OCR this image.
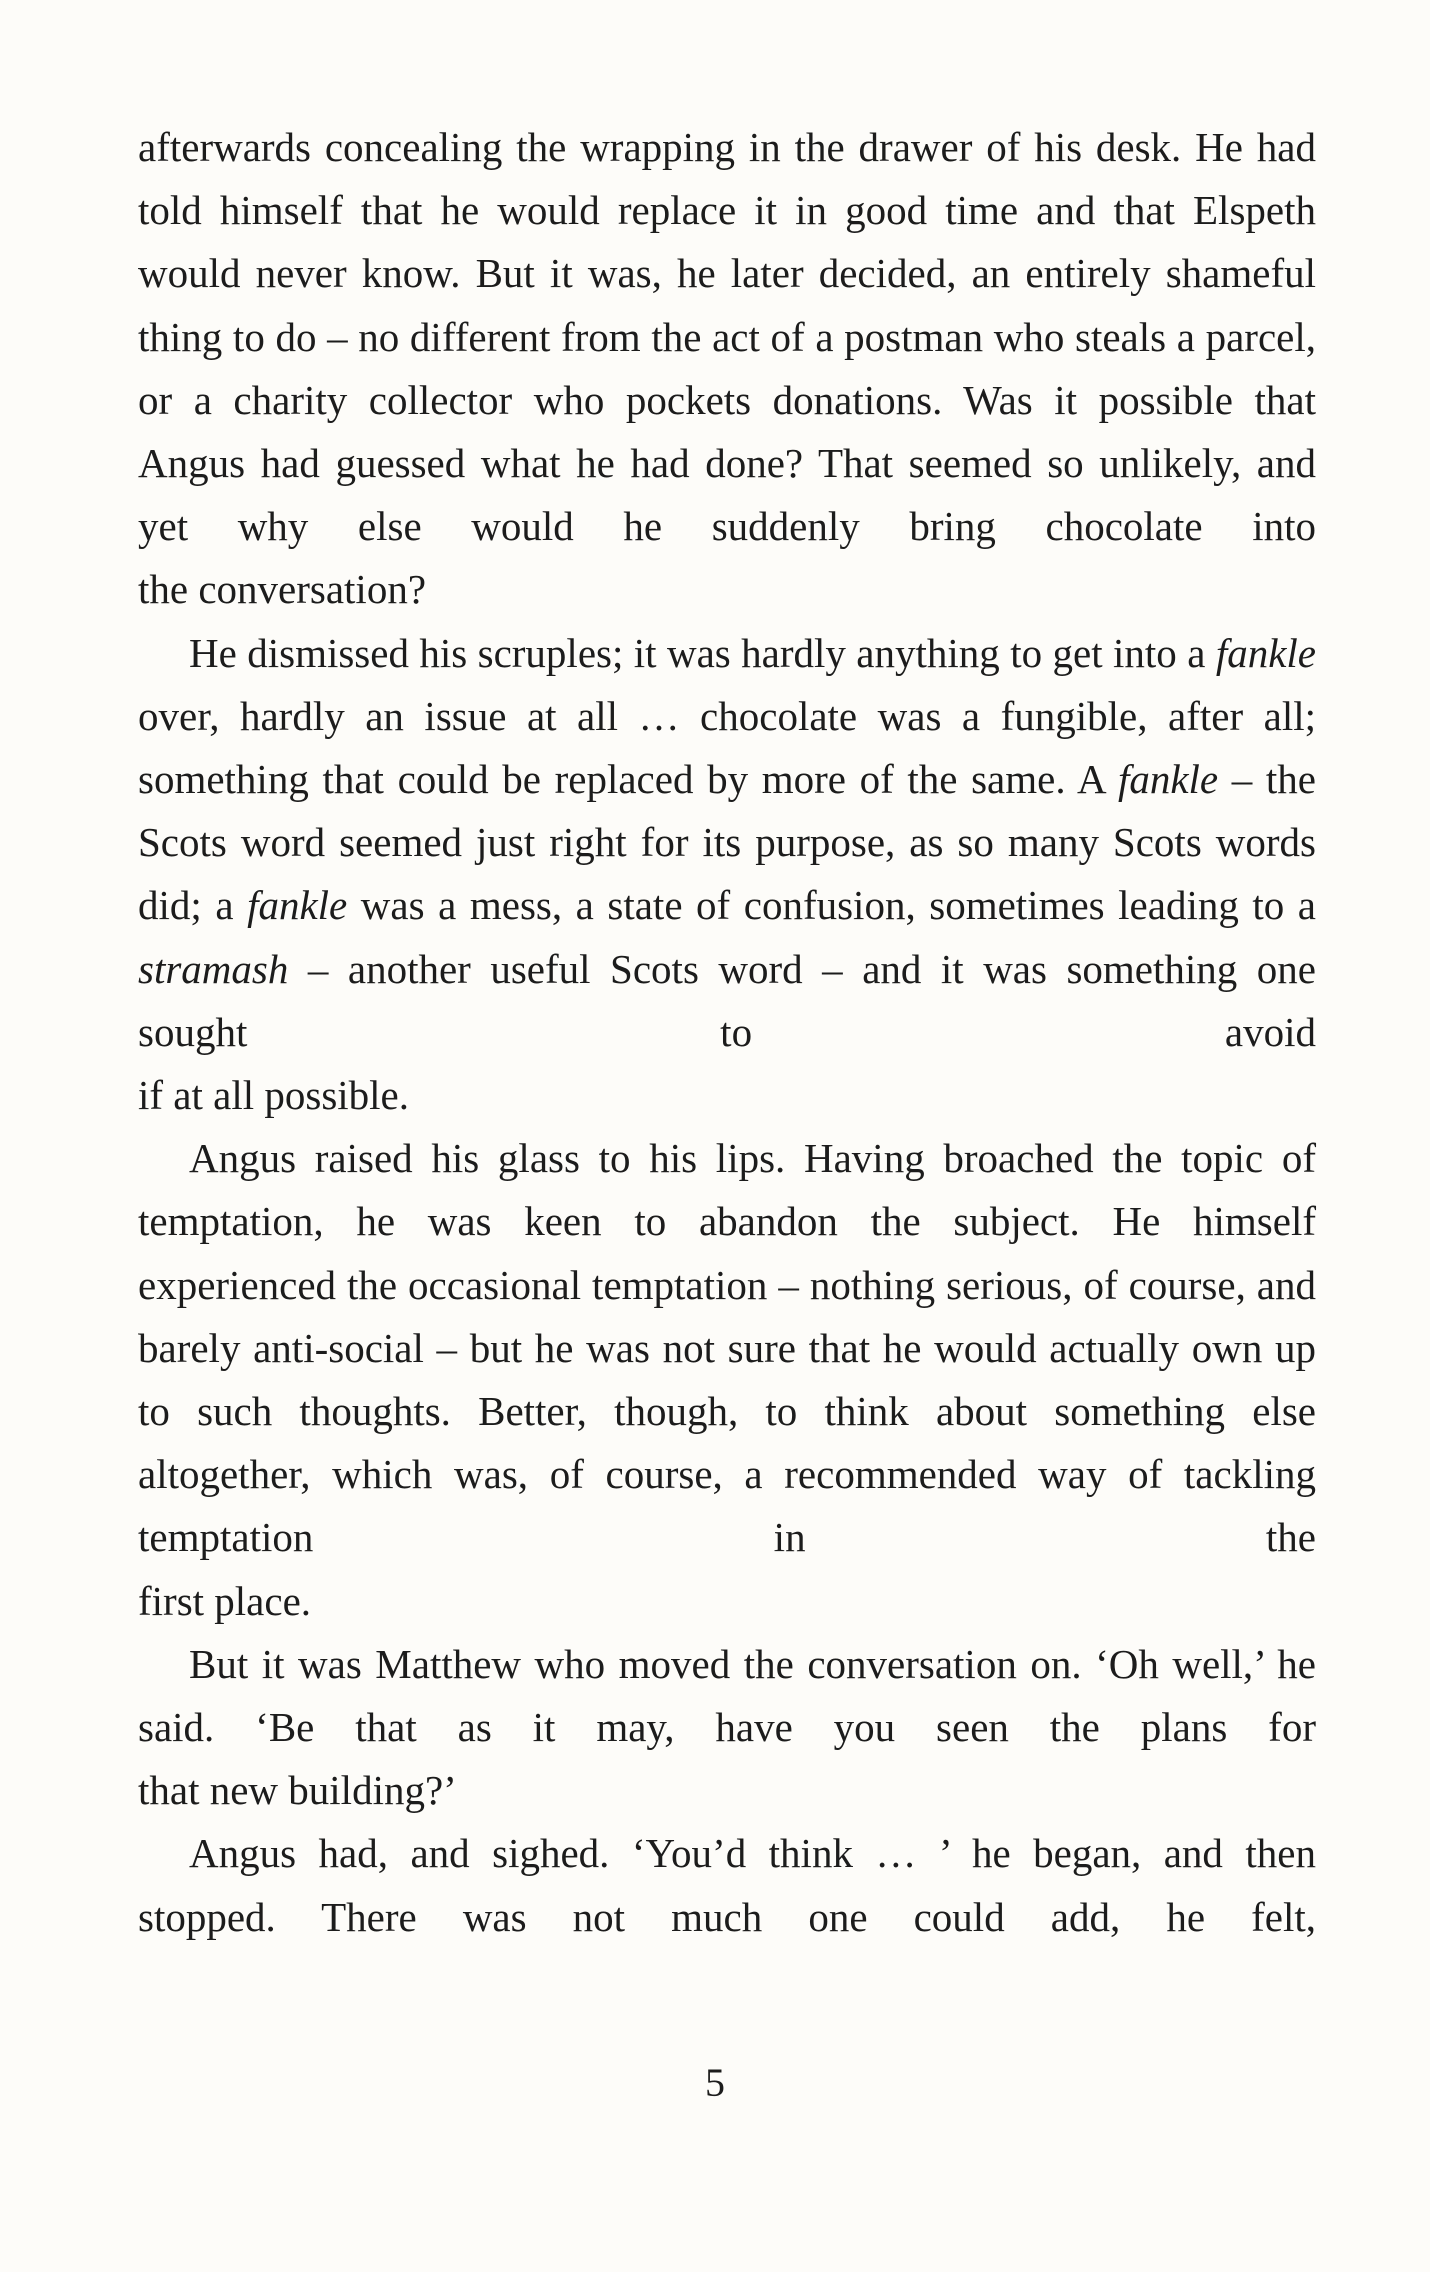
afterwards concealing the wrapping in the drawer of his desk. He had told himself that he would replace it in good time and that Elspeth would never know. But it was, he later decided, an entirely shameful thing to do – no different from the act of a postman who steals a parcel, or a charity collector who pockets donations. Was it possible that Angus had guessed what he had done? That seemed so unlikely, and yet why else would he suddenly bring chocolate into
the conversation?

He dismissed his scruples; it was hardly anything to get into a fankle over, hardly an issue at all … chocolate was a fungible, after all; something that could be replaced by more of the same. A fankle – the Scots word seemed just right for its purpose, as so many Scots words did; a fankle was a mess, a state of confusion, sometimes leading to a stramash – another useful Scots word – and it was something one sought to avoid
if at all possible.

Angus raised his glass to his lips. Having broached the topic of temptation, he was keen to abandon the subject. He himself experienced the occasional temptation – nothing serious, of course, and barely anti-social – but he was not sure that he would actually own up to such thoughts. Better, though, to think about something else altogether, which was, of course, a recommended way of tackling temptation in the
first place.

But it was Matthew who moved the conversation on. ‘Oh well,’ he said. ‘Be that as it may, have you seen the plans for
that new building?’

Angus had, and sighed. ‘You’d think … ’ he began, and then stopped. There was not much one could add, he felt,

5
